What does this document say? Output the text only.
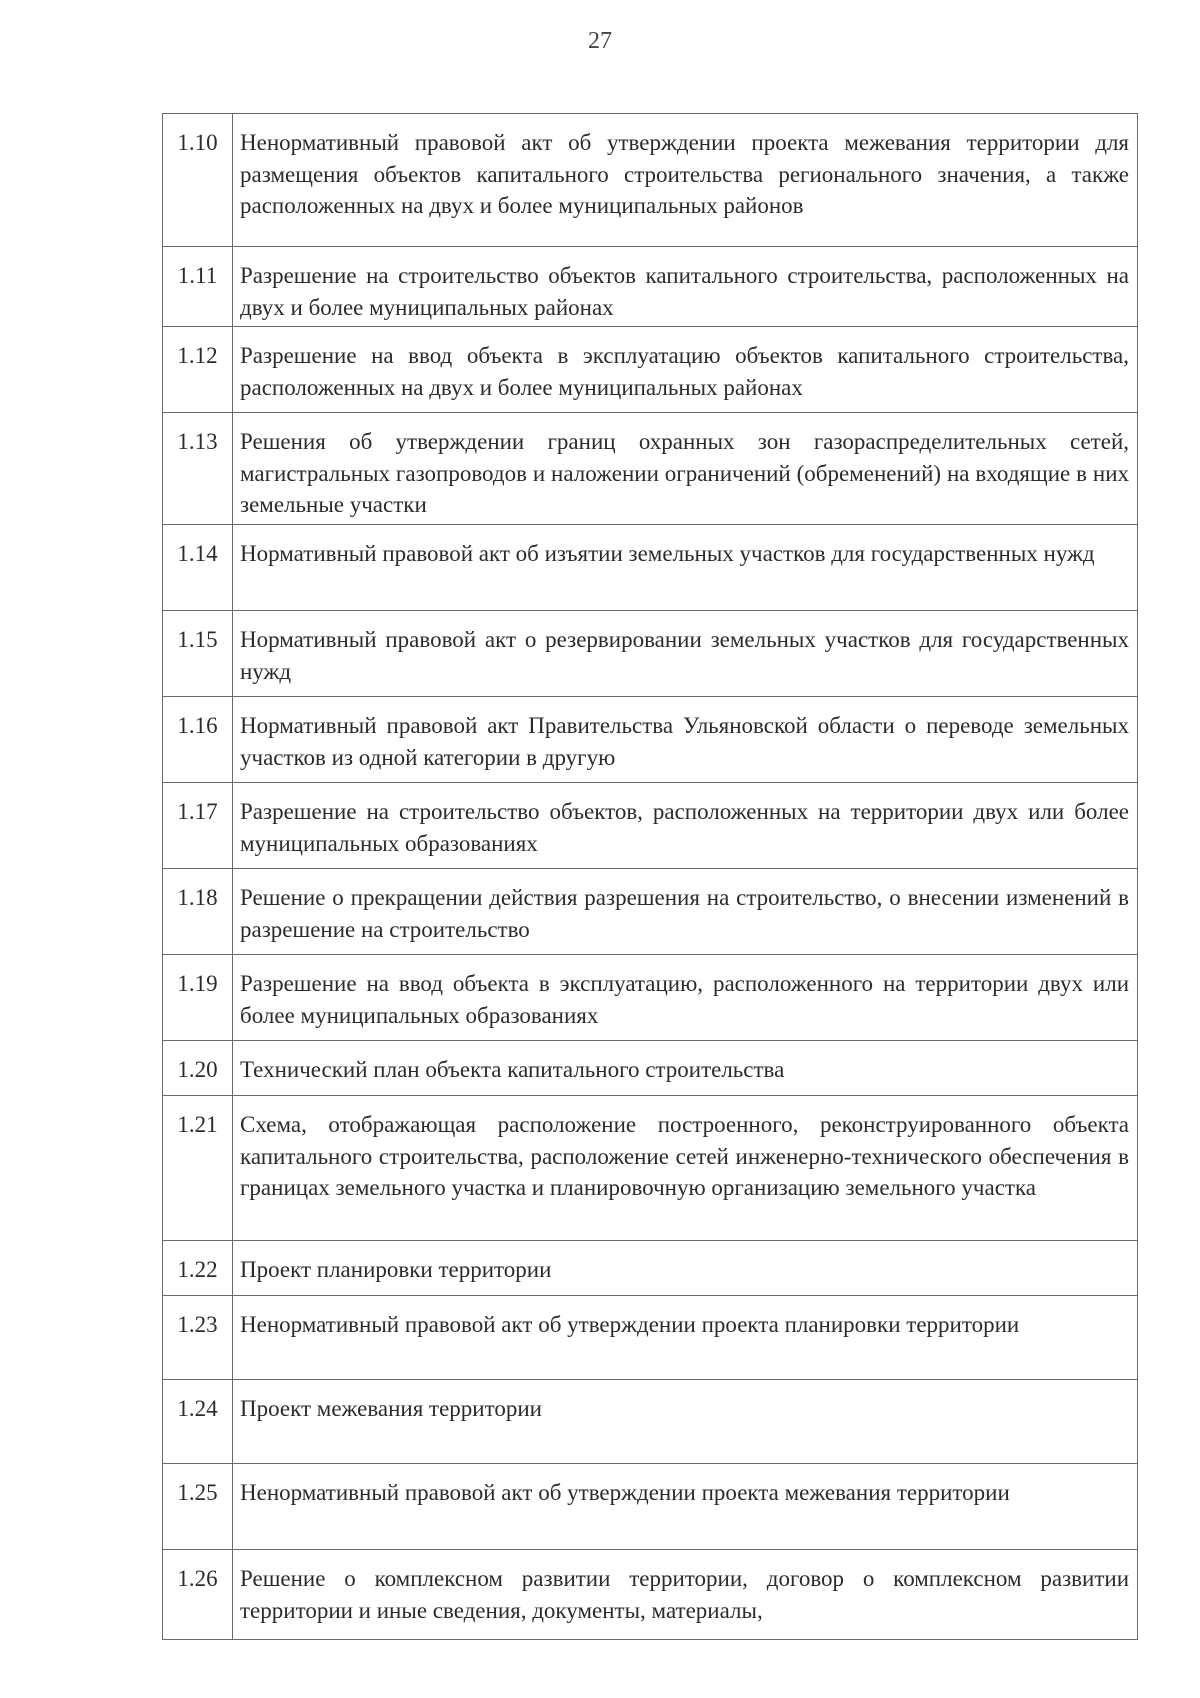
27
1.10	Ненормативный правовой акт об утверждении проекта межевания территории для размещения объектов капитального строительства регионального значения, а также расположенных на двух и более муниципальных районов
1.11	Разрешение на строительство объектов капитального строительства, расположенных на двух и более муниципальных районах
1.12	Разрешение на ввод объекта в эксплуатацию объектов капитального строительства, расположенных на двух и более муниципальных районах
1.13	Решения об утверждении границ охранных зон газораспределительных сетей, магистральных газопроводов и наложении ограничений (обременений) на входящие в них земельные участки
1.14	Нормативный правовой акт об изъятии земельных участков для государственных нужд
1.15	Нормативный правовой акт о резервировании земельных участков для государственных нужд
1.16	Нормативный правовой акт Правительства Ульяновской области о переводе земельных участков из одной категории в другую
1.17	Разрешение на строительство объектов, расположенных на территории двух или более муниципальных образованиях
1.18	Решение о прекращении действия разрешения на строительство, о внесении изменений в разрешение на строительство
1.19	Разрешение на ввод объекта в эксплуатацию, расположенного на территории двух или более муниципальных образованиях
1.20	Технический план объекта капитального строительства
1.21	Схема, отображающая расположение построенного, реконструированного объекта капитального строительства, расположение сетей инженерно-технического обеспечения в границах земельного участка и планировочную организацию земельного участка
1.22	Проект планировки территории
1.23	Ненормативный правовой акт об утверждении проекта планировки территории
1.24	Проект межевания территории
1.25	Ненормативный правовой акт об утверждении проекта межевания территории
1.26	Решение о комплексном развитии территории, договор о комплексном развитии территории и иные сведения, документы, материалы,
